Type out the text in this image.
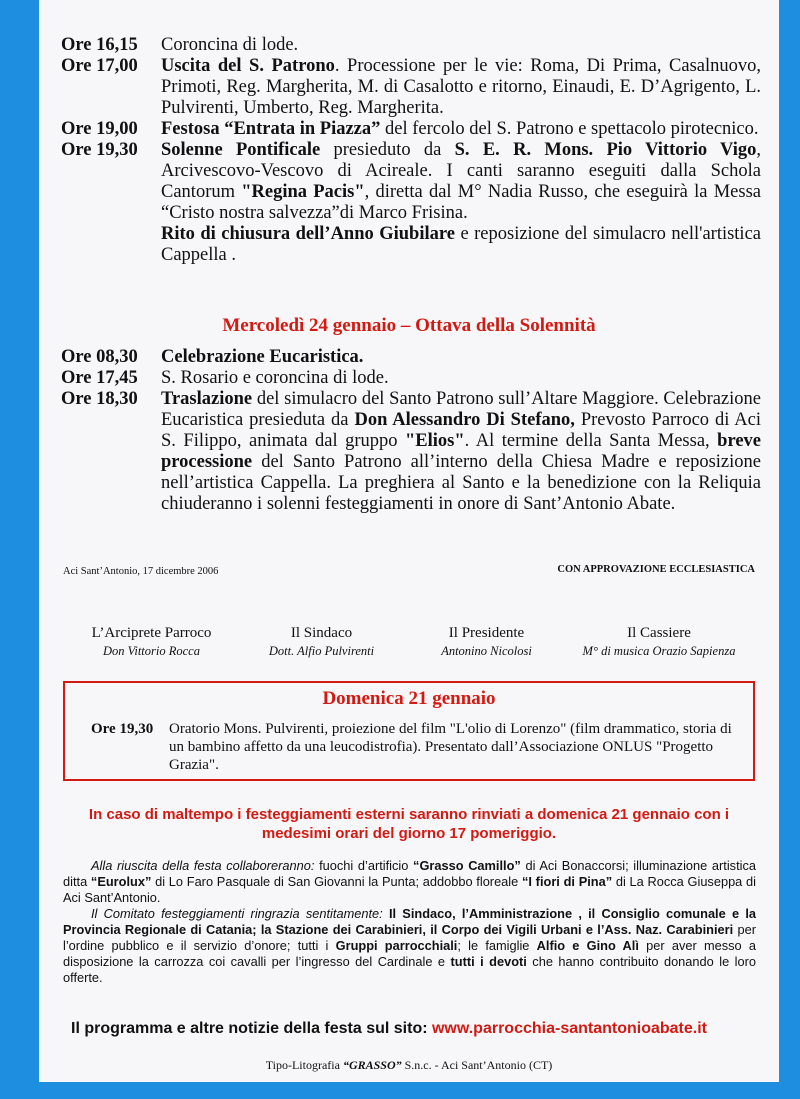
Ore 16,15	Coroncina di lode.
Ore 17,00	Uscita del S. Patrono. Processione per le vie: Roma, Di Prima, Casalnuovo, Primoti, Reg. Margherita, M. di Casalotto e ritorno, Einaudi, E. D’Agrigento, L. Pulvirenti, Umberto, Reg. Margherita.
Ore 19,00	Festosa “Entrata in Piazza” del fercolo del S. Patrono e spettacolo pirotecnico.
Ore 19,30	Solenne Pontificale presieduto da S. E. R. Mons. Pio Vittorio Vigo, Arcivescovo-Vescovo di Acireale. I canti saranno eseguiti dalla Schola Cantorum "Regina Pacis", diretta dal M° Nadia Russo, che eseguirà la Messa “Cristo nostra salvezza”di Marco Frisina.
Rito di chiusura dell’Anno Giubilare e reposizione del simulacro nell'artistica Cappella .
Mercoledì 24 gennaio – Ottava della Solennità
Ore 08,30	Celebrazione Eucaristica.
Ore 17,45	S. Rosario e coroncina di lode.
Ore 18,30	Traslazione del simulacro del Santo Patrono sull’Altare Maggiore. Celebrazione Eucaristica presieduta da Don Alessandro Di Stefano, Prevosto Parroco di Aci S. Filippo, animata dal gruppo "Elios". Al termine della Santa Messa, breve processione del Santo Patrono all’interno della Chiesa Madre e reposizione nell’artistica Cappella. La preghiera al Santo e la benedizione con la Reliquia chiuderanno i solenni festeggiamenti in onore di Sant’Antonio Abate.
Aci Sant’Antonio, 17 dicembre 2006	CON APPROVAZIONE ECCLESIASTICA
L’Arciprete Parroco
Don Vittorio Rocca
Il Sindaco
Dott. Alfio Pulvirenti
Il Presidente
Antonino Nicolosi
Il Cassiere
M° di musica Orazio Sapienza
Domenica 21 gennaio
Ore 19,30	Oratorio Mons. Pulvirenti, proiezione del film "L'olio di Lorenzo" (film drammatico, storia di un bambino affetto da una leucodistrofia). Presentato dall’Associazione ONLUS "Progetto Grazia".
In caso di maltempo i festeggiamenti esterni saranno rinviati a domenica 21 gennaio con i medesimi orari del giorno 17 pomeriggio.
Alla riuscita della festa collaboreranno: fuochi d’artificio “Grasso Camillo” di Aci Bonaccorsi; illuminazione artistica ditta “Eurolux” di Lo Faro Pasquale di San Giovanni la Punta; addobbo floreale “I fiori di Pina” di La Rocca Giuseppa di Aci Sant’Antonio.
Il Comitato festeggiamenti ringrazia sentitamente: Il Sindaco, l’Amministrazione , il Consiglio comunale e la Provincia Regionale di Catania; la Stazione dei Carabinieri, il Corpo dei Vigili Urbani e l’Ass. Naz. Carabinieri per l’ordine pubblico e il servizio d’onore; tutti i Gruppi parrocchiali; le famiglie Alfio e Gino Alì per aver messo a disposizione la carrozza coi cavalli per l’ingresso del Cardinale e tutti i devoti che hanno contribuito donando le loro offerte.
Il programma e altre notizie della festa sul sito: www.parrocchia-santantonioabate.it
Tipo-Litografia “GRASSO” S.n.c. - Aci Sant’Antonio (CT)
